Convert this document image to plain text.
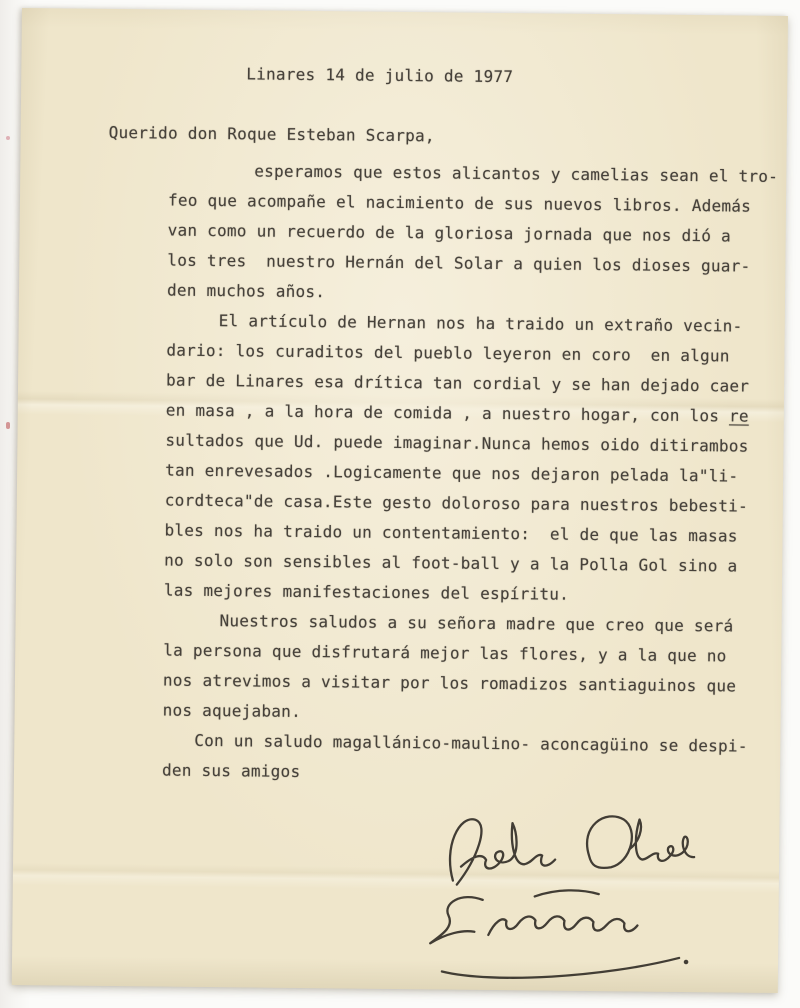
Linares 14 de julio de 1977
Querido don Roque Esteban Scarpa,
esperamos que estos alicantos y camelias sean el tro-
feo que acompañe el nacimiento de sus nuevos libros. Además
van como un recuerdo de la gloriosa jornada que nos dió a
los tres  nuestro Hernán del Solar a quien los dioses guar-
den muchos años.
El artículo de Hernan nos ha traido un extraño vecin-
dario: los curaditos del pueblo leyeron en coro  en algun
bar de Linares esa drítica tan cordial y se han dejado caer
en masa , a la hora de comida , a nuestro hogar, con los re
sultados que Ud. puede imaginar.Nunca hemos oido ditirambos
tan enrevesados .Logicamente que nos dejaron pelada la"li-
cordteca"de casa.Este gesto doloroso para nuestros bebesti-
bles nos ha traido un contentamiento:  el de que las masas
no solo son sensibles al foot-ball y a la Polla Gol sino a
las mejores manifestaciones del espíritu.
Nuestros saludos a su señora madre que creo que será
la persona que disfrutará mejor las flores, y a la que no
nos atrevimos a visitar por los romadizos santiaguinos que
nos aquejaban.
Con un saludo magallánico-maulino- aconcagüino se despi-
den sus amigos
